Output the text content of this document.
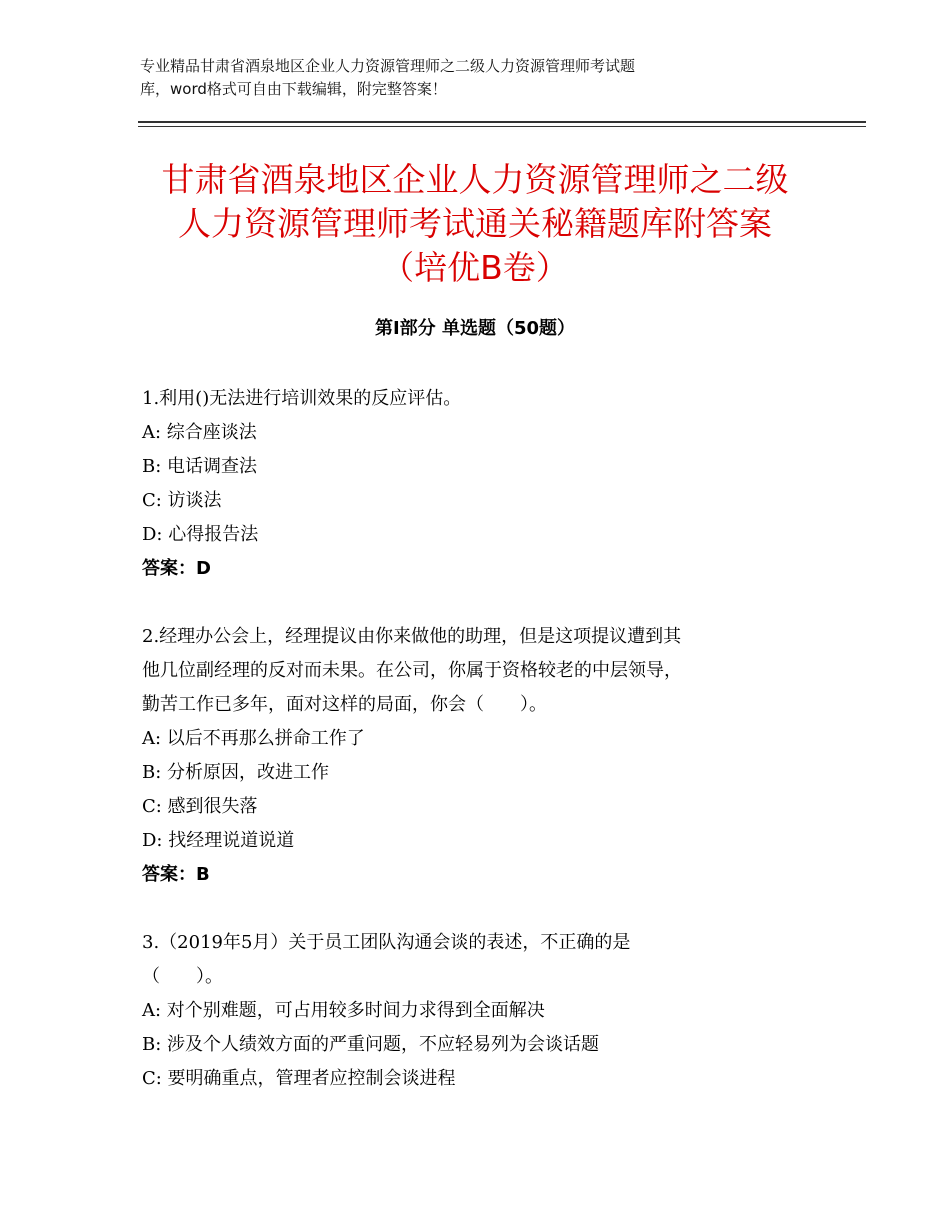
专业精品甘肃省酒泉地区企业人力资源管理师之二级人力资源管理师考试题
库，word格式可自由下载编辑，附完整答案！
甘肃省酒泉地区企业人力资源管理师之二级
人力资源管理师考试通关秘籍题库附答案
（培优B卷）
第Ⅰ部分 单选题（50题）

1.利用()无法进行培训效果的反应评估。

A: 综合座谈法

B: 电话调查法

C: 访谈法

D: 心得报告法

答案：D

2.经理办公会上，经理提议由你来做他的助理，但是这项提议遭到其

他几位副经理的反对而未果。在公司，你属于资格较老的中层领导，

勤苦工作已多年，面对这样的局面，你会（　　）。

A: 以后不再那么拼命工作了

B: 分析原因，改进工作

C: 感到很失落

D: 找经理说道说道

答案：B

3.（2019年5月）关于员工团队沟通会谈的表述，不正确的是

（　　）。

A: 对个别难题，可占用较多时间力求得到全面解决

B: 涉及个人绩效方面的严重问题，不应轻易列为会谈话题

C: 要明确重点，管理者应控制会谈进程
